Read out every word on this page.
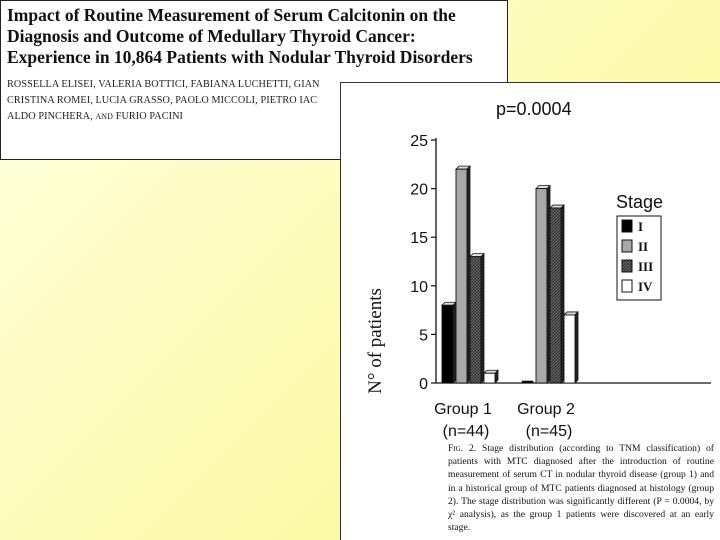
Impact of Routine Measurement of Serum Calcitonin on the Diagnosis and Outcome of Medullary Thyroid Cancer: Experience in 10,864 Patients with Nodular Thyroid Disorders
ROSSELLA ELISEI, VALERIA BOTTICI, FABIANA LUCHETTI, GIAN
CRISTINA ROMEI, LUCIA GRASSO, PAOLO MICCOLI, PIETRO IAC
ALDO PINCHERA, AND FURIO PACINI	p=0.0004
N° of patients 0
5
10
15
20
25
Group 1
(n=44)
Group 2
(n=45)
Stage
I
II
III
IV

Fig. 2. Stage distribution (according to TNM classification) of patients with MTC diagnosed after the introduction of routine measurement of serum CT in nodular thyroid disease (group 1) and in a historical group of MTC patients diagnosed at histology (group 2). The stage distribution was significantly different (P = 0.0004, by χ² analysis), as the group 1 patients were discovered at an early stage.
